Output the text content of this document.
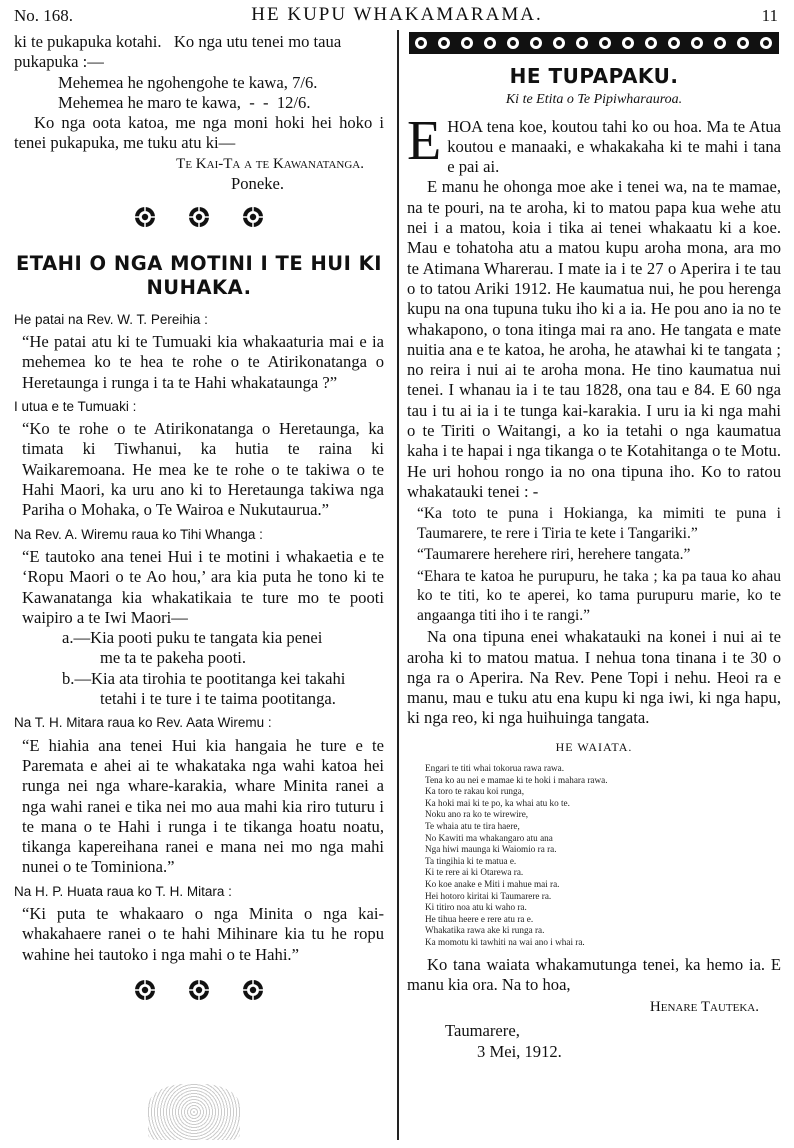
No. 168.	HE KUPU WHAKAMARAMA.	11

ki te pukapuka kotahi.   Ko nga utu tenei mo taua

pukapuka :—

Mehemea he ngohengohe te kawa, 7/6.

Mehemea he maro te kawa,  -  -  12/6.

Ko nga oota katoa, me nga moni hoki hei hoko i tenei pukapuka, me tuku atu ki—

Te Kai-Ta a te Kawanatanga.

Poneke.

ETAHI O NGA MOTINI I TE HUI KI NUHAKA.
He patai na Rev. W. T. Pereihia :

“He patai atu ki te Tumuaki kia whakaaturia mai e ia mehemea ko te hea te rohe o te Atirikonatanga o Heretaunga i runga i ta te Hahi whakataunga ?”

I utua e te Tumuaki :

“Ko te rohe o te Atirikonatanga o Heretaunga, ka timata ki Tiwhanui, ka hutia te raina ki Waikaremoana. He mea ke te rohe o te takiwa o te Hahi Maori, ka uru ano ki to Heretaunga takiwa nga Pariha o Mohaka, o Te Wairoa e Nukutaurua.”

Na Rev. A. Wiremu raua ko Tihi Whanga :

“E tautoko ana tenei Hui i te motini i whakaetia e te ‘Ropu Maori o te Ao hou,’ ara kia puta he tono ki te Kawanatanga kia whakatikaia te ture mo te pooti waipiro a te Iwi Maori—

a.—Kia pooti puku te tangata kia penei

me ta te pakeha pooti.

b.—Kia ata tirohia te pootitanga kei takahi

tetahi i te ture i te taima pootitanga.

Na T. H. Mitara raua ko Rev. Aata Wiremu :

“E hiahia ana tenei Hui kia hangaia he ture e te Paremata e ahei ai te whakataka nga wahi katoa hei runga nei nga whare-karakia, whare Minita ranei a nga wahi ranei e tika nei mo aua mahi kia riro tuturu i te mana o te Hahi i runga i te tikanga hoatu noatu, tikanga kapereihana ranei e mana nei mo nga mahi nunei o te Tominiona.”

Na H. P. Huata raua ko T. H. Mitara :

“Ki puta te whakaaro o nga Minita o nga kai-whakahaere ranei o te hahi Mihinare kia tu he ropu wahine hei tautoko i nga mahi o te Hahi.”

HE TUPAPAKU.
Ki te Etita o Te Pipiwharauroa.

E HOA tena koe, koutou tahi ko ou hoa. Ma te Atua koutou e manaaki, e whakakaha ki te mahi i tana e pai ai.

E manu he ohonga moe ake i tenei wa, na te mamae, na te pouri, na te aroha, ki to matou papa kua wehe atu nei i a matou, koia i tika ai tenei whakaatu ki a koe. Mau e tohatoha atu a matou kupu aroha mona, ara mo te Atimana Wharerau. I mate ia i te 27 o Aperira i te tau o to tatou Ariki 1912. He kaumatua nui, he pou herenga kupu na ona tupuna tuku iho ki a ia. He pou ano ia no te whakapono, o tona itinga mai ra ano. He tangata e mate nuitia ana e te katoa, he aroha, he atawhai ki te tangata ; no reira i nui ai te aroha mona. He tino kaumatua nui tenei. I whanau ia i te tau 1828, ona tau e 84. E 60 nga tau i tu ai ia i te tunga kai-karakia. I uru ia ki nga mahi o te Tiriti o Waitangi, a ko ia tetahi o nga kaumatua kaha i te hapai i nga tikanga o te Kotahitanga o te Motu. He uri hohou rongo ia no ona tipuna iho. Ko to ratou whakatauki tenei : -

“Ka toto te puna i Hokianga, ka mimiti te puna i Taumarere, te rere i Tiria te kete i Tangariki.”

“Taumarere herehere riri, herehere tangata.”

“Ehara te katoa he purupuru, he taka ; ka pa taua ko ahau ko te titi, ko te aperei, ko tama purupuru marie, ko te angaanga titi iho i te rangi.”

Na ona tipuna enei whakatauki na konei i nui ai te aroha ki to matou matua. I nehua tona tinana i te 30 o nga ra o Aperira. Na Rev. Pene Topi i nehu. Heoi ra e manu, mau e tuku atu ena kupu ki nga iwi, ki nga hapu, ki nga reo, ki nga huihuinga tangata.

HE WAIATA.
Engari te titi whai tokorua rawa rawa.
Tena ko au nei e mamae ki te hoki i mahara rawa.
Ka toro te rakau koi runga,
Ka hoki mai ki te po, ka whai atu ko te.
Noku ano ra ko te wirewire,
Te whaia atu te tira haere,
No Kawiti ma whakangaro atu ana
Nga hiwi maunga ki Waiomio ra ra.
Ta tingihia ki te matua e.
Ki te rere ai ki Otarewa ra.
Ko koe anake e Miti i mahue mai ra.
Hei hotoro kiritai ki Taumarere ra.
Ki titiro noa atu ki waho ra.
He tihua heere e rere atu ra e.
Whakatika rawa ake ki runga ra.
Ka momotu ki tawhiti na wai ano i whai ra.

Ko tana waiata whakamutunga tenei, ka hemo ia. E manu kia ora. Na to hoa,

Henare Tauteka.

Taumarere,

3 Mei, 1912.
